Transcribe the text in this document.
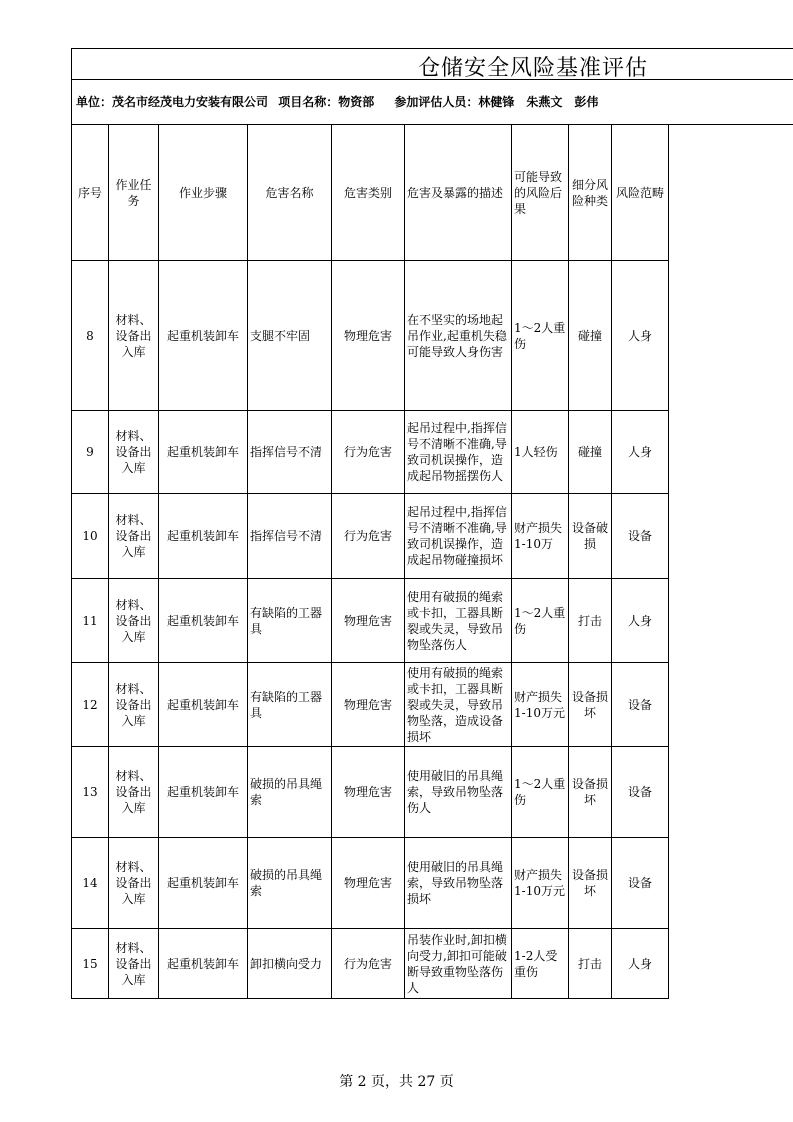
仓储安全风险基准评估
单位：茂名市经茂电力安装有限公司 项目名称：物资部 参加评估人员：林健锋　朱燕文　彭伟
序号	作业任务	作业步骤	危害名称	危害类别	危害及暴露的描述	可能导致的风险后果	细分风险种类	风险范畴
8	材料、设备出入库	起重机装卸车	支腿不牢固	物理危害	在不坚实的场地起吊作业,起重机失稳可能导致人身伤害	1～2人重伤	碰撞	人身
9	材料、设备出入库	起重机装卸车	指挥信号不清	行为危害	起吊过程中,指挥信号不清晰不准确,导致司机误操作，造成起吊物摇摆伤人	1人轻伤	碰撞	人身
10	材料、设备出入库	起重机装卸车	指挥信号不清	行为危害	起吊过程中,指挥信号不清晰不准确,导致司机误操作，造成起吊物碰撞损坏	财产损失1-10万	设备破损	设备
11	材料、设备出入库	起重机装卸车	有缺陷的工器具	物理危害	使用有破损的绳索或卡扣，工器具断裂或失灵，导致吊物坠落伤人	1～2人重伤	打击	人身
12	材料、设备出入库	起重机装卸车	有缺陷的工器具	物理危害	使用有破损的绳索或卡扣，工器具断裂或失灵，导致吊物坠落，造成设备损坏	财产损失1-10万元	设备损坏	设备
13	材料、设备出入库	起重机装卸车	破损的吊具绳索	物理危害	使用破旧的吊具绳索，导致吊物坠落伤人	1～2人重伤	设备损坏	设备
14	材料、设备出入库	起重机装卸车	破损的吊具绳索	物理危害	使用破旧的吊具绳索，导致吊物坠落损坏	财产损失1-10万元	设备损坏	设备
15	材料、设备出入库	起重机装卸车	卸扣横向受力	行为危害	吊装作业时,卸扣横向受力,卸扣可能破断导致重物坠落伤人	1-2人受重伤	打击	人身
第 2 页，共 27 页
